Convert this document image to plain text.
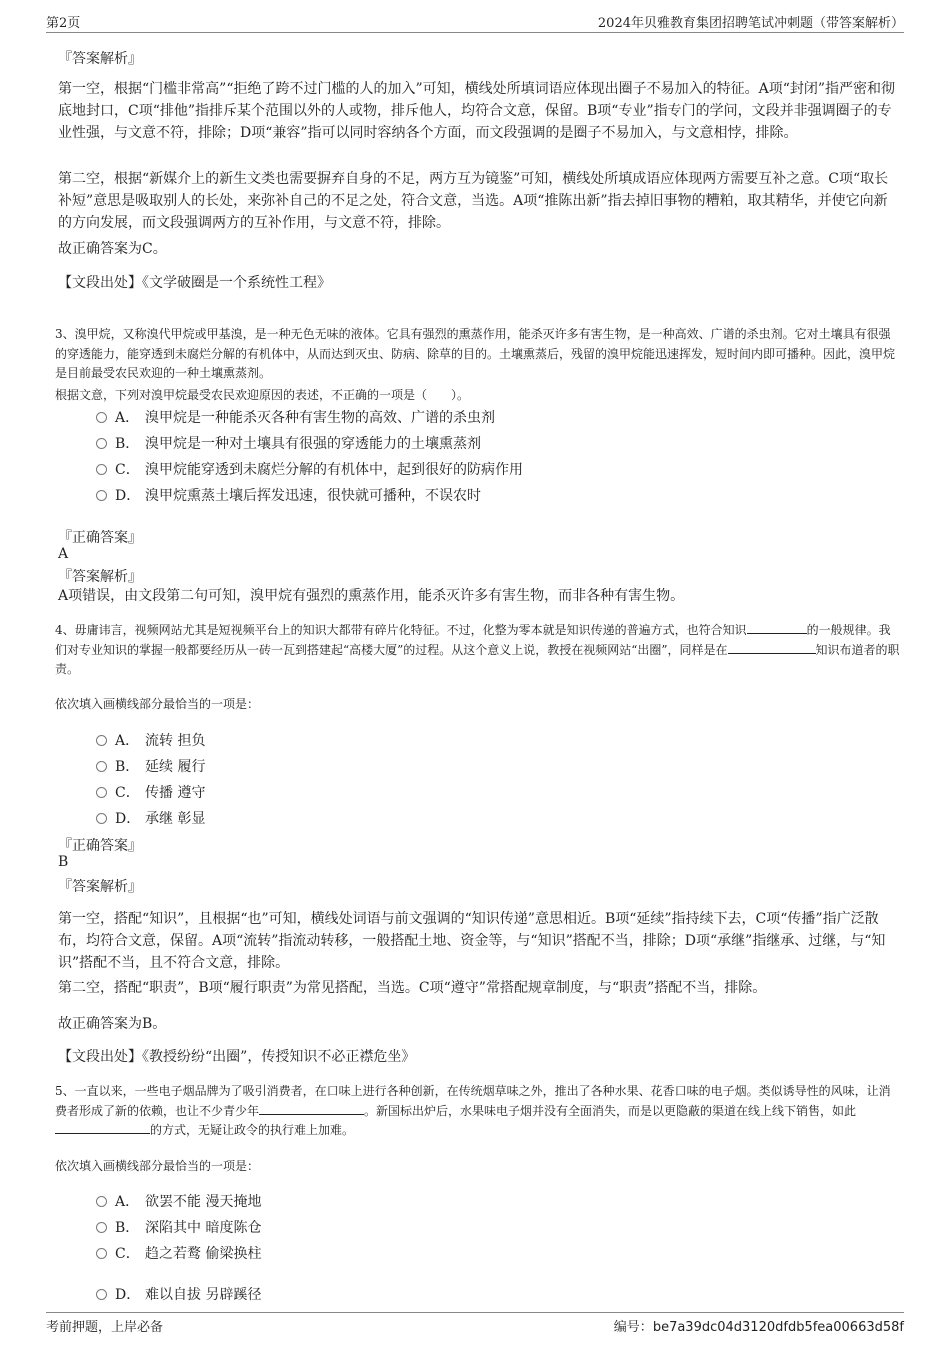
第2页	2024年贝雅教育集团招聘笔试冲刺题（带答案解析）
『答案解析』
第一空，根据“门槛非常高”“拒绝了跨不过门槛的人的加入”可知，横线处所填词语应体现出圈子不易加入的特征。A项“封闭”指严密和彻底地封口，C项“排他”指排斥某个范围以外的人或物，排斥他人，均符合文意，保留。B项“专业”指专门的学问，文段并非强调圈子的专业性强，与文意不符，排除；D项“兼容”指可以同时容纳各个方面，而文段强调的是圈子不易加入，与文意相悖，排除。
第二空，根据“新媒介上的新生文类也需要摒弃自身的不足，两方互为镜鉴”可知，横线处所填成语应体现两方需要互补之意。C项“取长补短”意思是吸取别人的长处，来弥补自己的不足之处，符合文意，当选。A项“推陈出新”指去掉旧事物的糟粕，取其精华，并使它向新的方向发展，而文段强调两方的互补作用，与文意不符，排除。
故正确答案为C。
【文段出处】《文学破圈是一个系统性工程》
3、溴甲烷，又称溴代甲烷或甲基溴，是一种无色无味的液体。它具有强烈的熏蒸作用，能杀灭许多有害生物，是一种高效、广谱的杀虫剂。它对土壤具有很强的穿透能力，能穿透到未腐烂分解的有机体中，从而达到灭虫、防病、除草的目的。土壤熏蒸后，残留的溴甲烷能迅速挥发，短时间内即可播种。因此，溴甲烷是目前最受农民欢迎的一种土壤熏蒸剂。
根据文意，下列对溴甲烷最受农民欢迎原因的表述，不正确的一项是（　　）。
A． 溴甲烷是一种能杀灭各种有害生物的高效、广谱的杀虫剂
B． 溴甲烷是一种对土壤具有很强的穿透能力的土壤熏蒸剂
C． 溴甲烷能穿透到未腐烂分解的有机体中，起到很好的防病作用
D． 溴甲烷熏蒸土壤后挥发迅速，很快就可播种，不误农时
『正确答案』
A
『答案解析』
A项错误，由文段第二句可知，溴甲烷有强烈的熏蒸作用，能杀灭许多有害生物，而非各种有害生物。
4、毋庸讳言，视频网站尤其是短视频平台上的知识大都带有碎片化特征。不过，化整为零本就是知识传递的普遍方式，也符合知识	的一般规律。我们对专业知识的掌握一般都要经历从一砖一瓦到搭建起“高楼大厦”的过程。从这个意义上说，教授在视频网站“出圈”，同样是在	知识布道者的职责。
依次填入画横线部分最恰当的一项是：
A． 流转 担负
B． 延续 履行
C． 传播 遵守
D． 承继 彰显
『正确答案』
B
『答案解析』
第一空，搭配“知识”，且根据“也”可知，横线处词语与前文强调的“知识传递”意思相近。B项“延续”指持续下去，C项“传播”指广泛散布，均符合文意，保留。A项“流转”指流动转移，一般搭配土地、资金等，与“知识”搭配不当，排除；D项“承继”指继承、过继，与“知识”搭配不当，且不符合文意，排除。
第二空，搭配“职责”，B项“履行职责”为常见搭配，当选。C项“遵守”常搭配规章制度，与“职责”搭配不当，排除。
故正确答案为B。
【文段出处】《教授纷纷“出圈”，传授知识不必正襟危坐》
5、一直以来，一些电子烟品牌为了吸引消费者，在口味上进行各种创新，在传统烟草味之外，推出了各种水果、花香口味的电子烟。类似诱导性的风味，让消费者形成了新的依赖，也让不少青少年	。新国标出炉后，水果味电子烟并没有全面消失，而是以更隐蔽的渠道在线上线下销售，如此的方式，无疑让政令的执行难上加难。
依次填入画横线部分最恰当的一项是：
A． 欲罢不能 漫天掩地
B． 深陷其中 暗度陈仓
C． 趋之若鹜 偷梁换柱
D． 难以自拔 另辟蹊径
考前押题，上岸必备	编号：be7a39dc04d3120dfdb5fea00663d58f
